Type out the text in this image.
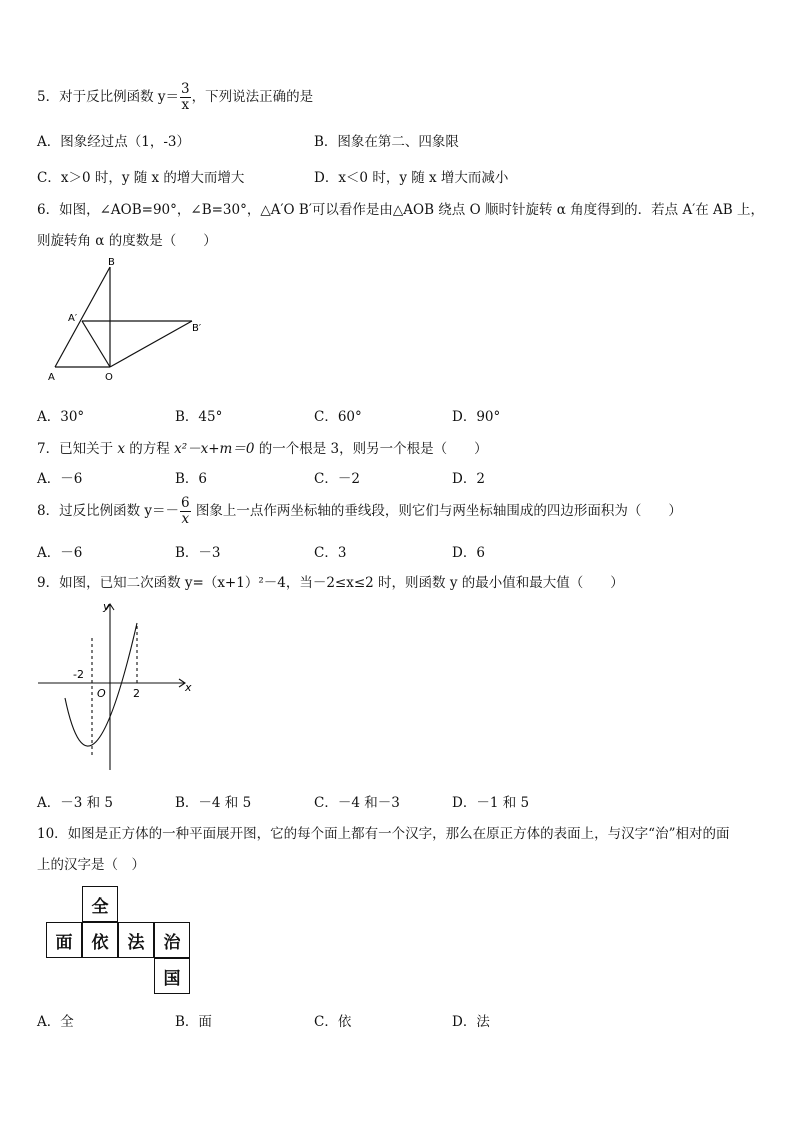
5．对于反比例函数 $y= \frac{3}{x}$ ，下列说法正确的是
A．图象经过点（1，-3）	B．图象在第二、四象限
C．x＞0 时，y 随 x 的增大而增大	D．x＜0 时，y 随 x 增大而减小
6．如图，∠AOB=90°，∠B=30°，△A′O B′可以看作是由△AOB 绕点 O 顺时针旋转 α 角度得到的．若点 A′在 AB 上，
则旋转角 α 的度数是（　　）
B
A′
B′
A	O
A．30°	B．45°	C．60°	D．90°
7．已知关于 x 的方程 x²－x+m＝0 的一个根是 3，则另一个根是（　　）
A．－6	B．6	C．－2	D．2
8．过反比例函数 $y=- \frac{6}{x}$ 图象上一点作两坐标轴的垂线段，则它们与两坐标轴围成的四边形面积为（　　）
A．－6	B．－3	C．3	D．6
9．如图，已知二次函数 y=（x+1）²－4，当－2≤x≤2 时，则函数 y 的最小值和最大值（　　）
y
x
-2
O 2
A．－3 和 5	B．－4 和 5	C．－4 和－3	D．－1 和 5
10．如图是正方体的一种平面展开图，它的每个面上都有一个汉字，那么在原正方体的表面上，与汉字“治”相对的面
上的汉字是（　）
全
面	依	法	治
国
A．全	B．面	C．依	D．法
